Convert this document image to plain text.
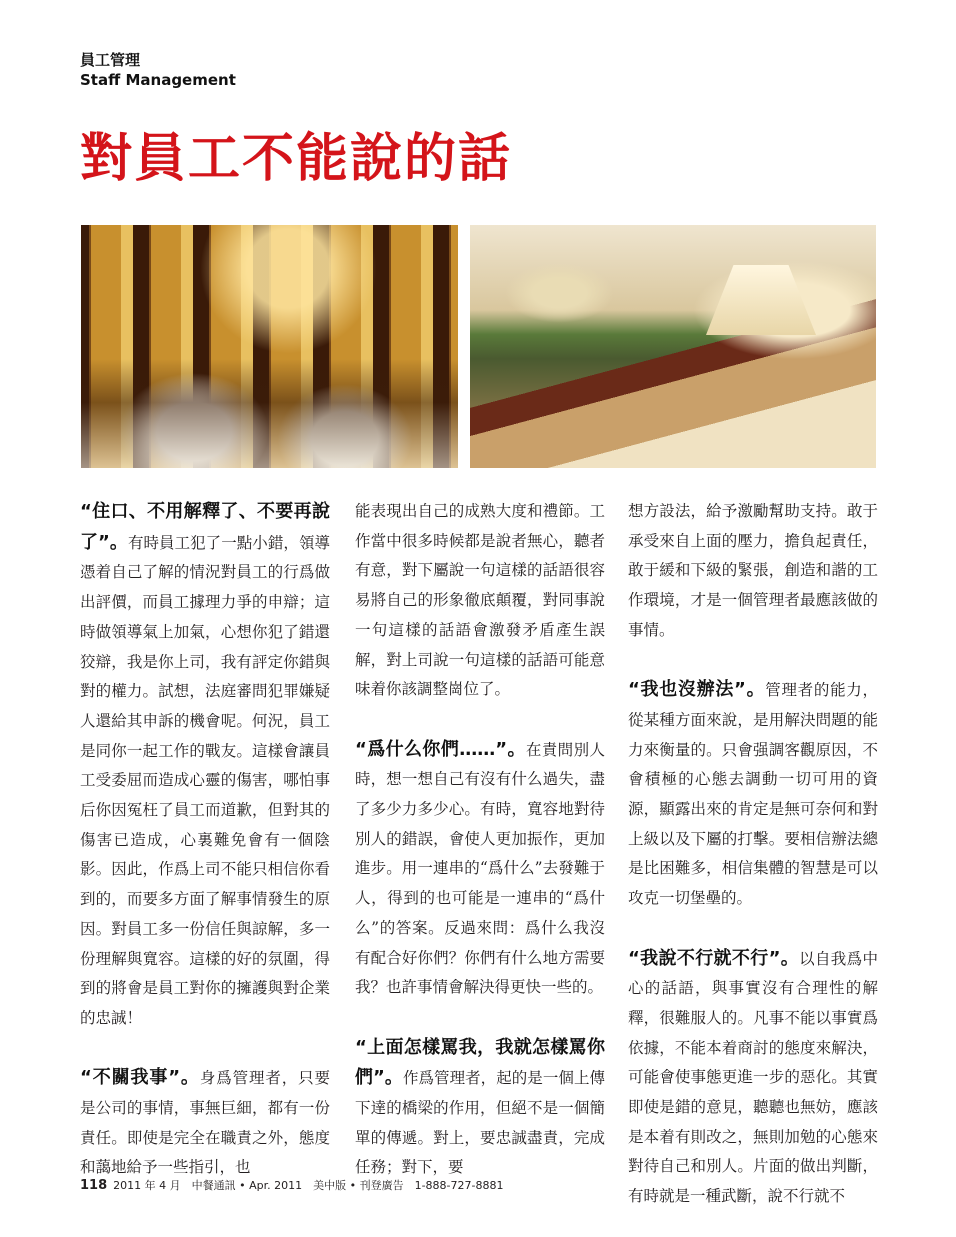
員工管理
Staff Management
對員工不能說的話

“住口、不用解釋了、不要再說了”。有時員工犯了一點小錯，領導憑着自己了解的情況對員工的行爲做出評價，而員工據理力爭的申辯；這時做領導氣上加氣，心想你犯了錯還狡辯，我是你上司，我有評定你錯與對的權力。試想，法庭審問犯罪嫌疑人還給其申訴的機會呢。何況，員工是同你一起工作的戰友。這樣會讓員工受委屈而造成心靈的傷害，哪怕事后你因冤枉了員工而道歉，但對其的傷害已造成，心裏難免會有一個陰影。因此，作爲上司不能只相信你看到的，而要多方面了解事情發生的原因。對員工多一份信任與諒解，多一份理解與寬容。這樣的好的氛圍，得到的將會是員工對你的擁護與對企業的忠誠！

“不關我事”。身爲管理者，只要是公司的事情，事無巨細，都有一份責任。即使是完全在職責之外，態度和藹地給予一些指引，也

能表現出自己的成熟大度和禮節。工作當中很多時候都是說者無心，聽者有意，對下屬說一句這樣的話語很容易將自己的形象徹底顛覆，對同事說一句這樣的話語會激發矛盾產生誤解，對上司說一句這樣的話語可能意味着你該調整崗位了。

“爲什么你們……”。在責問別人時，想一想自己有沒有什么過失，盡了多少力多少心。有時，寬容地對待別人的錯誤，會使人更加振作，更加進步。用一連串的“爲什么”去發難于人，得到的也可能是一連串的“爲什么”的答案。反過來問：爲什么我沒有配合好你們？你們有什么地方需要我？也許事情會解決得更快一些的。

“上面怎樣罵我，我就怎樣罵你們”。作爲管理者，起的是一個上傳下達的橋梁的作用，但絕不是一個簡單的傳遞。對上，要忠誠盡責，完成任務；對下，要

想方設法，給予激勵幫助支持。敢于承受來自上面的壓力，擔負起責任，敢于緩和下級的緊張，創造和諧的工作環境，才是一個管理者最應該做的事情。

“我也沒辦法”。管理者的能力，從某種方面來說，是用解決問題的能力來衡量的。只會强調客觀原因，不會積極的心態去調動一切可用的資源，顯露出來的肯定是無可奈何和對上級以及下屬的打擊。要相信辦法總是比困難多，相信集體的智慧是可以攻克一切堡壘的。

“我說不行就不行”。以自我爲中心的話語，與事實沒有合理性的解釋，很難服人的。凡事不能以事實爲依據，不能本着商討的態度來解決，可能會使事態更進一步的惡化。其實即使是錯的意見，聽聽也無妨，應該是本着有則改之，無則加勉的心態來對待自己和別人。片面的做出判斷，有時就是一種武斷，說不行就不

118 2011 年 4 月　中餐通訊 • Apr. 2011　美中版 • 刊登廣告　1-888-727-8881
